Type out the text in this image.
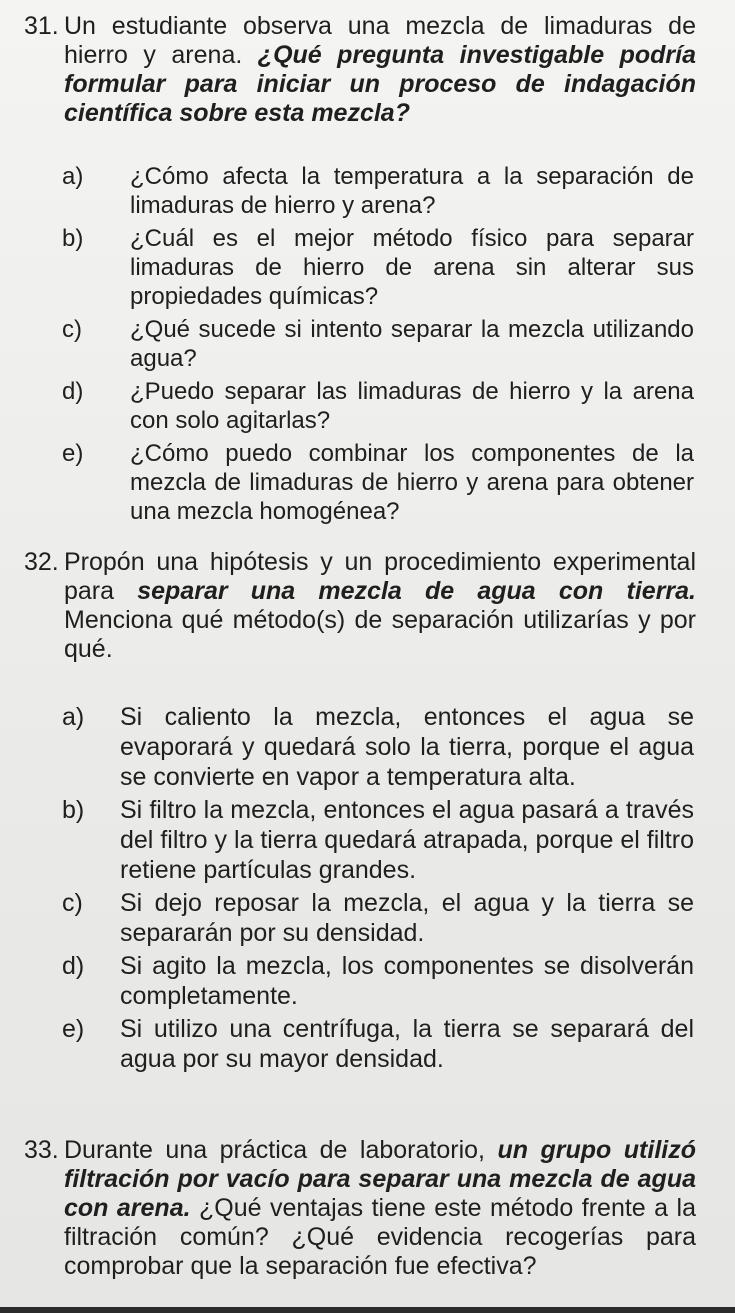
31. Un estudiante observa una mezcla de limaduras de hierro y arena. ¿Qué pregunta investigable podría formular para iniciar un proceso de indagación científica sobre esta mezcla?

a)	¿Cómo afecta la temperatura a la separación de limaduras de hierro y arena?

b)	¿Cuál es el mejor método físico para separar limaduras de hierro de arena sin alterar sus propiedades químicas?

c)	¿Qué sucede si intento separar la mezcla utilizando agua?

d)	¿Puedo separar las limaduras de hierro y la arena con solo agitarlas?

e)	¿Cómo puedo combinar los componentes de la mezcla de limaduras de hierro y arena para obtener una mezcla homogénea?

32. Propón una hipótesis y un procedimiento experimental para separar una mezcla de agua con tierra. Menciona qué método(s) de separación utilizarías y por qué.

a)	Si caliento la mezcla, entonces el agua se evaporará y quedará solo la tierra, porque el agua se convierte en vapor a temperatura alta.

b)	Si filtro la mezcla, entonces el agua pasará a través del filtro y la tierra quedará atrapada, porque el filtro retiene partículas grandes.

c)	Si dejo reposar la mezcla, el agua y la tierra se separarán por su densidad.

d)	Si agito la mezcla, los componentes se disolverán completamente.

e)	Si utilizo una centrífuga, la tierra se separará del agua por su mayor densidad.

33. Durante una práctica de laboratorio, un grupo utilizó filtración por vacío para separar una mezcla de agua con arena. ¿Qué ventajas tiene este método frente a la filtración común? ¿Qué evidencia recogerías para comprobar que la separación fue efectiva?
